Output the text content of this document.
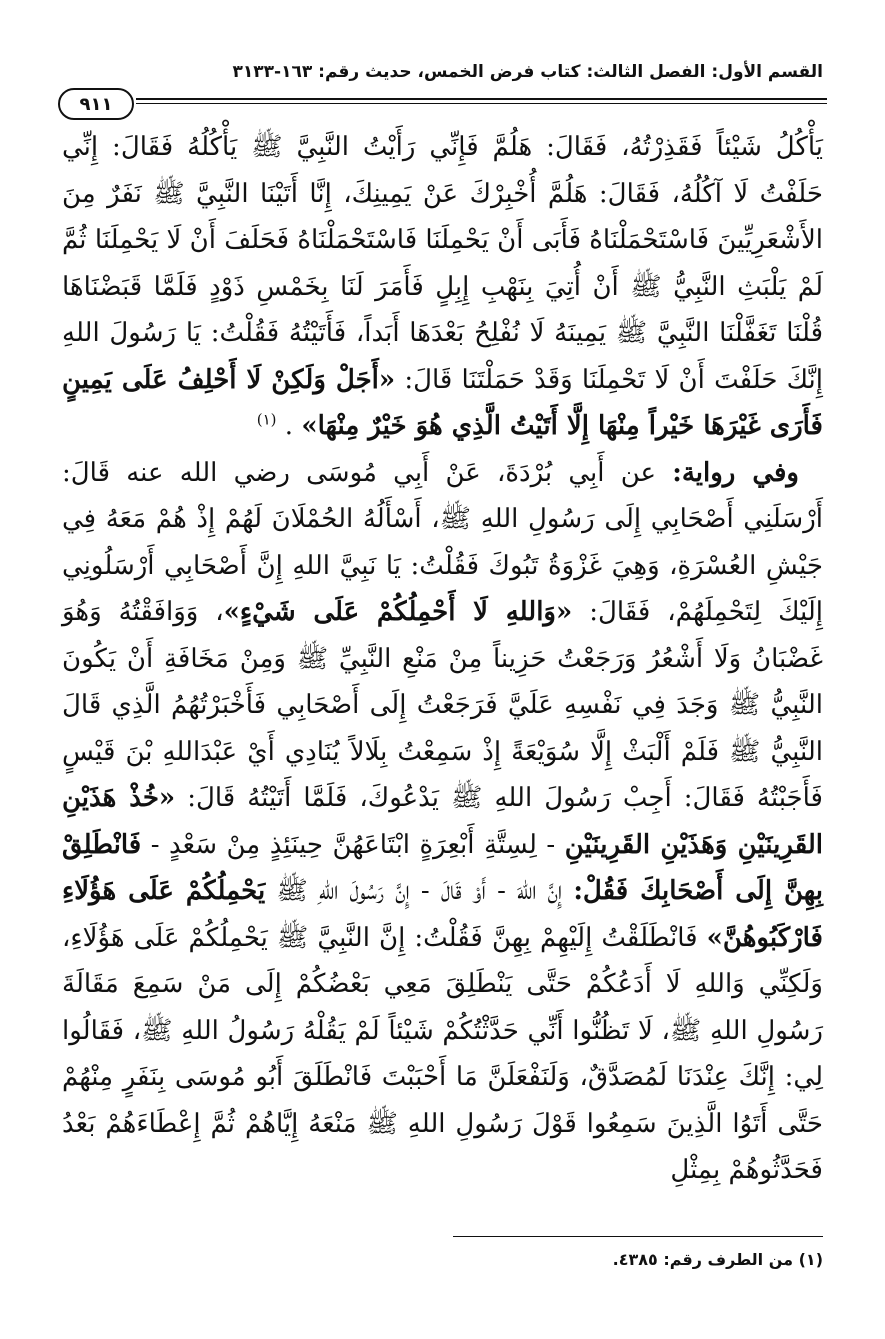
القسم الأول: الفصل الثالث: كتاب فرض الخمس، حديث رقم: ١٦٣-٣١٣٣
٩١١

يَأْكُلُ شَيْئاً فَقَذِرْتُهُ، فَقَالَ: هَلُمَّ فَإِنِّي رَأَيْتُ النَّبِيَّ ﷺ يَأْكُلُهُ فَقَالَ: إِنِّي حَلَفْتُ لَا آكُلُهُ، فَقَالَ: هَلُمَّ أُخْبِرْكَ عَنْ يَمِينِكَ، إِنَّا أَتَيْنَا النَّبِيَّ ﷺ نَفَرٌ مِنَ الأَشْعَرِيِّينَ فَاسْتَحْمَلْنَاهُ فَأَبَى أَنْ يَحْمِلَنَا فَاسْتَحْمَلْنَاهُ فَحَلَفَ أَنْ لَا يَحْمِلَنَا ثُمَّ لَمْ يَلْبَثِ النَّبِيُّ ﷺ أَنْ أُتِيَ بِنَهْبِ إِبِلٍ فَأَمَرَ لَنَا بِخَمْسِ ذَوْدٍ فَلَمَّا قَبَضْنَاهَا قُلْنَا تَغَفَّلْنَا النَّبِيَّ ﷺ يَمِينَهُ لَا نُفْلِحُ بَعْدَهَا أَبَداً، فَأَتَيْتُهُ فَقُلْتُ: يَا رَسُولَ اللهِ إِنَّكَ حَلَفْتَ أَنْ لَا تَحْمِلَنَا وَقَدْ حَمَلْتَنَا قَالَ: «أَجَلْ وَلَكِنْ لَا أَحْلِفُ عَلَى يَمِينٍ فَأَرَى غَيْرَهَا خَيْراً مِنْهَا إِلَّا أَتَيْتُ الَّذِي هُوَ خَيْرٌ مِنْهَا» . $^{(١)}$

وفي رواية: عن أَبِي بُرْدَةَ، عَنْ أَبِي مُوسَى رضي الله عنه قَالَ: أَرْسَلَنِي أَصْحَابِي إِلَى رَسُولِ اللهِ ﷺ، أَسْأَلُهُ الحُمْلَانَ لَهُمْ إِذْ هُمْ مَعَهُ فِي جَيْشِ العُسْرَةِ، وَهِيَ غَزْوَةُ تَبُوكَ فَقُلْتُ: يَا نَبِيَّ اللهِ إِنَّ أَصْحَابِي أَرْسَلُونِي إِلَيْكَ لِتَحْمِلَهُمْ، فَقَالَ: «وَاللهِ لَا أَحْمِلُكُمْ عَلَى شَيْءٍ»، وَوَافَقْتُهُ وَهُوَ غَضْبَانُ وَلَا أَشْعُرُ وَرَجَعْتُ حَزِيناً مِنْ مَنْعِ النَّبِيِّ ﷺ وَمِنْ مَخَافَةِ أَنْ يَكُونَ النَّبِيُّ ﷺ وَجَدَ فِي نَفْسِهِ عَلَيَّ فَرَجَعْتُ إِلَى أَصْحَابِي فَأَخْبَرْتُهُمُ الَّذِي قَالَ النَّبِيُّ ﷺ فَلَمْ أَلْبَثْ إِلَّا سُوَيْعَةً إِذْ سَمِعْتُ بِلَالاً يُنَادِي أَيْ عَبْدَاللهِ بْنَ قَيْسٍ فَأَجَبْتُهُ فَقَالَ: أَجِبْ رَسُولَ اللهِ ﷺ يَدْعُوكَ، فَلَمَّا أَتَيْتُهُ قَالَ: «خُذْ هَذَيْنِ القَرِينَيْنِ وَهَذَيْنِ القَرِينَيْنِ - لِسِتَّةِ أَبْعِرَةٍ ابْتَاعَهُنَّ حِينَئِذٍ مِنْ سَعْدٍ - فَانْطَلِقْ بِهِنَّ إِلَى أَصْحَابِكَ فَقُلْ: إِنَّ اللهَ - أَوْ قَالَ - إِنَّ رَسُولَ اللهِ ﷺ يَحْمِلُكُمْ عَلَى هَؤُلَاءِ فَارْكَبُوهُنَّ» فَانْطَلَقْتُ إِلَيْهِمْ بِهِنَّ فَقُلْتُ: إِنَّ النَّبِيَّ ﷺ يَحْمِلُكُمْ عَلَى هَؤُلَاءِ، وَلَكِنِّي وَاللهِ لَا أَدَعُكُمْ حَتَّى يَنْطَلِقَ مَعِي بَعْضُكُمْ إِلَى مَنْ سَمِعَ مَقَالَةَ رَسُولِ اللهِ ﷺ، لَا تَظُنُّوا أَنِّي حَدَّثْتُكُمْ شَيْئاً لَمْ يَقُلْهُ رَسُولُ اللهِ ﷺ، فَقَالُوا لِي: إِنَّكَ عِنْدَنَا لَمُصَدَّقٌ، وَلَنَفْعَلَنَّ مَا أَحْبَبْتَ فَانْطَلَقَ أَبُو مُوسَى بِنَفَرٍ مِنْهُمْ حَتَّى أَتَوُا الَّذِينَ سَمِعُوا قَوْلَ رَسُولِ اللهِ ﷺ مَنْعَهُ إِيَّاهُمْ ثُمَّ إِعْطَاءَهُمْ بَعْدُ فَحَدَّثُوهُمْ بِمِثْلِ

(١) من الطرف رقم: ٤٣٨٥.
